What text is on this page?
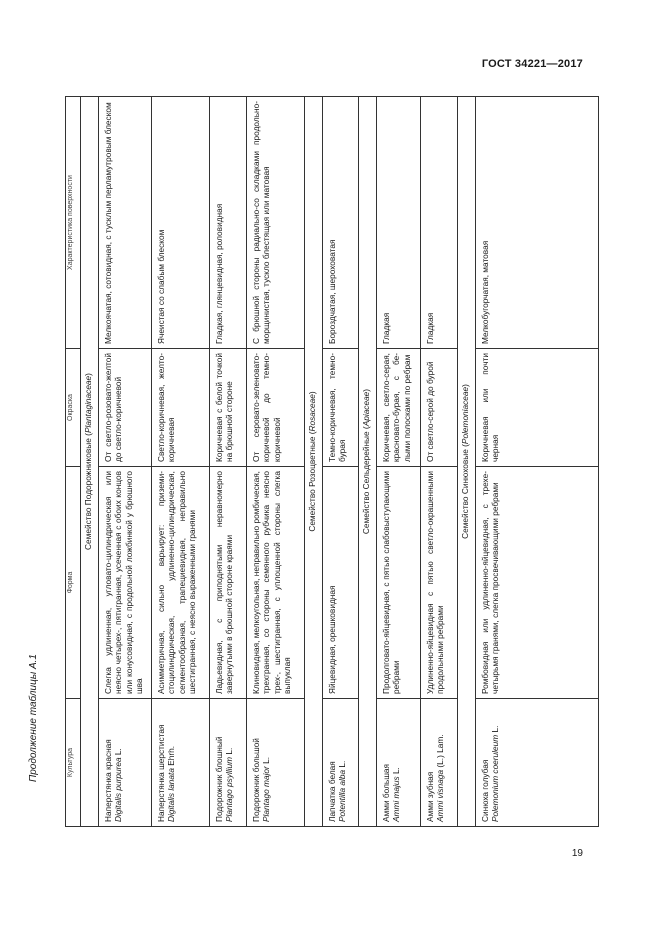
ГОСТ 34221—2017
Продолжение таблицы А.1	Культура	Форма	Окраска	Характеристика поверхности
Семейство Подорожниковые (Plantaginaceae)			
Наперстянка красная
Digitalis purpurea L.	Слегка удлиненная, угловато-цилиндрическая или неясно четырех-, пятигранная, усеченная с обоих концов или конусовидная, с продольной ложбинкой у брюшного шва	От светло-розовато-желтой до светло-коричневой	Мелкоячатая, сотовидная, с тусклым перламутровым блеском
Наперстянка шерстистая
Digitalis lanata Ehrh.	Асимметричная, сильно варьирует: приземистоцилиндрическая, удлиненно-цилиндрическая, сегментообразная, трапециевидная, неправильно шестигранная, с неясно выраженными гранями	Светло-коричневая, желто-коричневая	Ячеистая со слабым блеском
Подорожник блошный
Plantago psyllium L.	Ладьевидная, с приподнятыми неравномерно завернутыми в брюшной стороне краями	Коричневая с белой точкой на брюшной стороне	Гладкая, глянцевидная, роловидная
Подорожник большой
Plantago major L.	Клиновидная, мелкоугольная, неправильно ромбическая, трехгранная, со стороны семянного рубчика неясно трех-, шестигранная, с уплощенной стороны слегка выпуклая	От серовато-зеленовато-коричневой до темно-коричневой	С брюшной стороны радиально-со складками продольно-морщинистая, тускло блестящая или матовая
Семейство Розоцветные (Rosaceae)			
Лапчатка белая
Potentilla alba L.	Яйцевидная, орешковидная	Темно-коричневая, темно-бурая	Бороздчатая, шероховатая
Семейство Сельдерейные (Apiaceae)			
Амми большая
Ammi majus L.	Продолговато-яйцевидная, с пятью слабовыступающими ребрами	Коричневая, светло-серая, красновато-бурая, с белыми полосками по ребрам	Гладкая
Амми зубная
Ammi visnaga (L.) Lam.	Удлиненно-яйцевидная с пятью светло-окрашенными продольными ребрами	От светло-серой до бурой	Гладкая
Семейство Синюховые (Polemoniaceae)			
Синюха голубая
Polemonium coeruleum L.	Ромбовидная или удлиненно-яйцевидная, с трехе-четырьмя гранями, слегка просвечивающими ребрами	Коричневая или почти черная	Мелкобугорчатая, матовая
19
